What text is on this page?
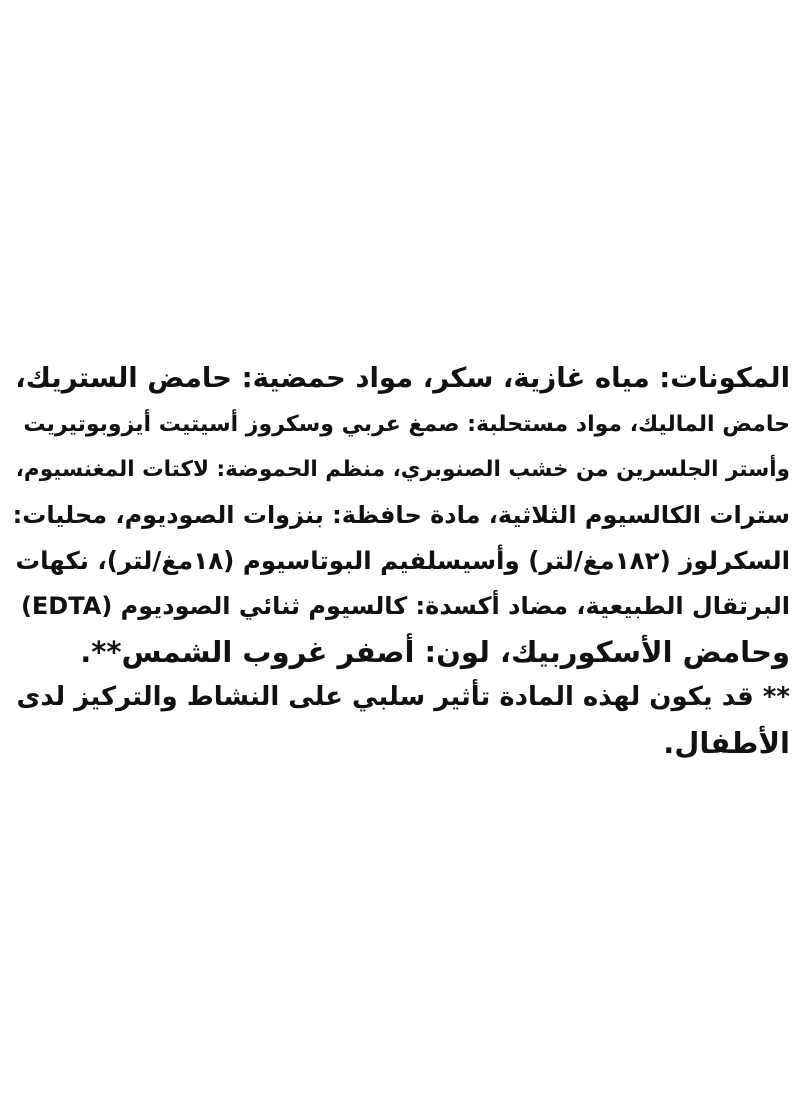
المكونات: مياه غازية، سكر، مواد حمضية: حامض الستريك،
حامض الماليك، مواد مستحلبة: صمغ عربي وسكروز أسيتيت أيزوبوتيريت
وأستر الجلسرين من خشب الصنوبري، منظم الحموضة: لاكتات المغنسيوم،
سترات الكالسيوم الثلاثية، مادة حافظة: بنزوات الصوديوم، محليات:
السكرلوز (١٨٢مغ/لتر) وأسيسلفيم البوتاسيوم (١٨مغ/لتر)، نكهات
البرتقال الطبيعية، مضاد أكسدة: كالسيوم ثنائي الصوديوم (EDTA)
وحامض الأسكوربيك، لون: أصفر غروب الشمس**.
** قد يكون لهذه المادة تأثير سلبي على النشاط والتركيز لدى
الأطفال.
